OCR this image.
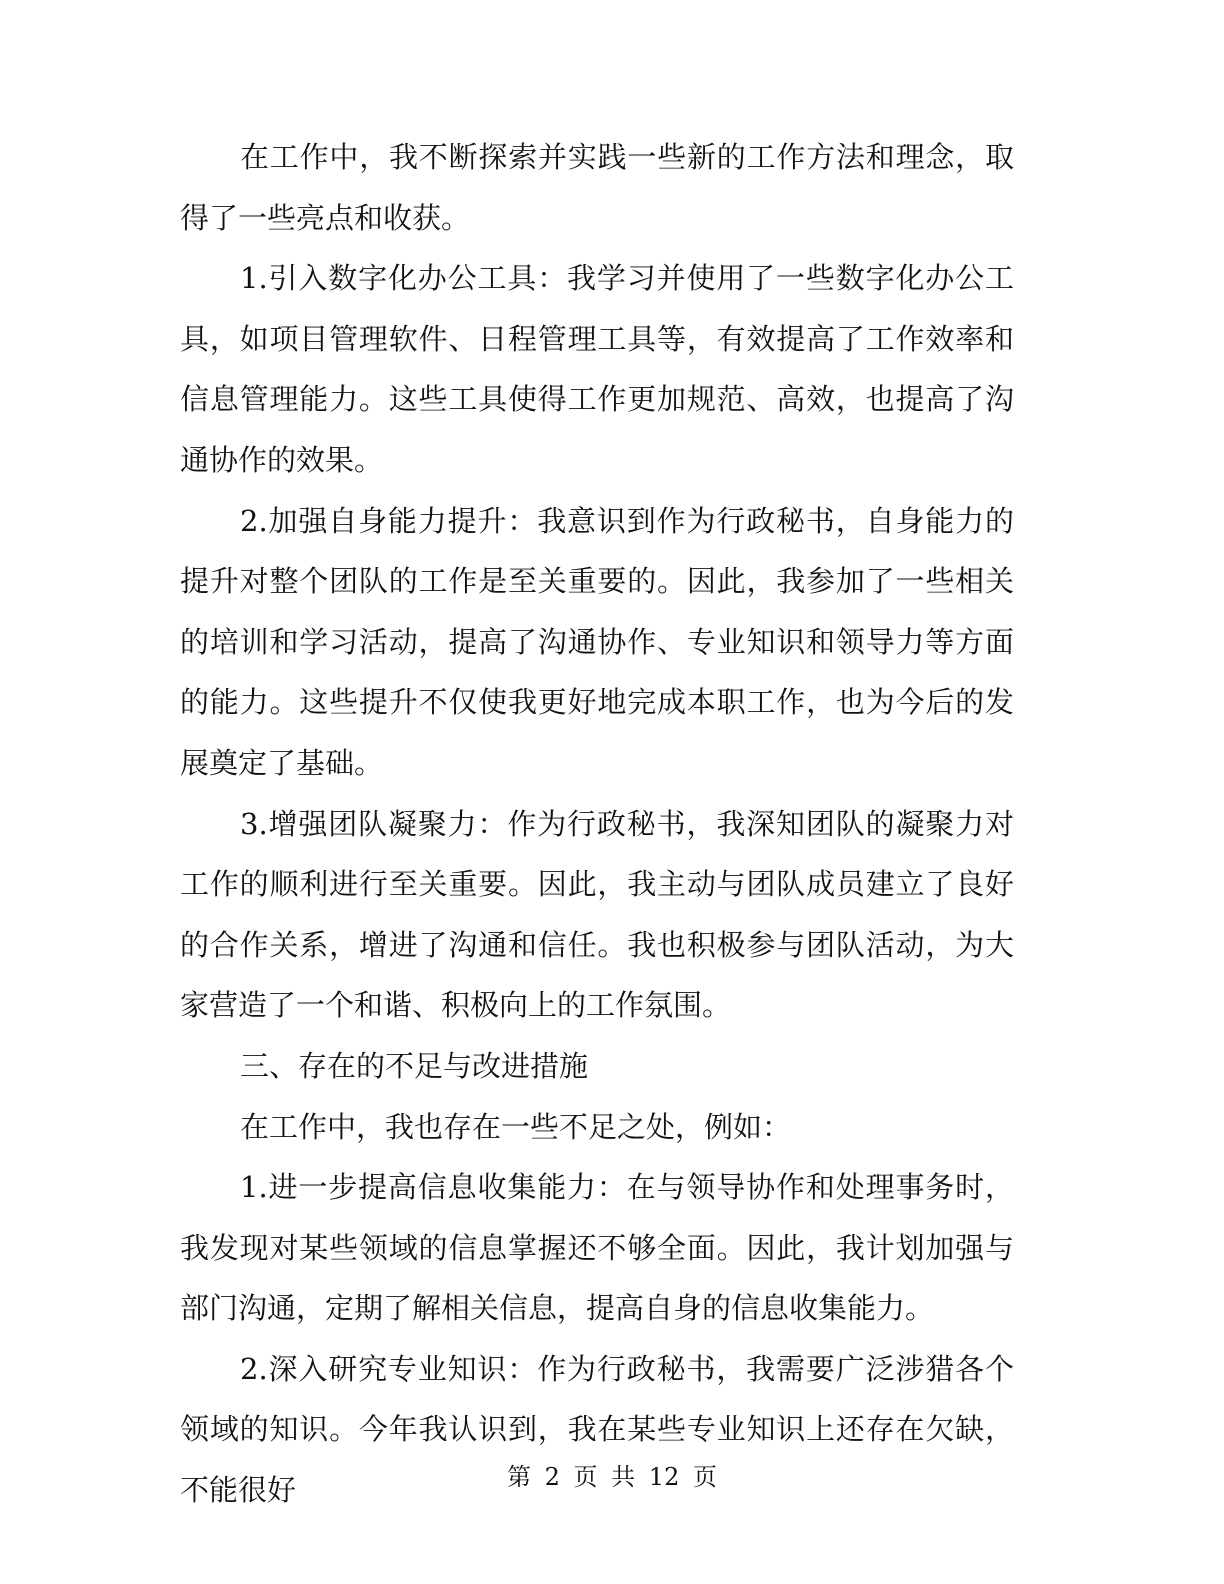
在工作中，我不断探索并实践一些新的工作方法和理念，取得了一些亮点和收获。

1.引入数字化办公工具：我学习并使用了一些数字化办公工具，如项目管理软件、日程管理工具等，有效提高了工作效率和信息管理能力。这些工具使得工作更加规范、高效，也提高了沟通协作的效果。

2.加强自身能力提升：我意识到作为行政秘书，自身能力的提升对整个团队的工作是至关重要的。因此，我参加了一些相关的培训和学习活动，提高了沟通协作、专业知识和领导力等方面的能力。这些提升不仅使我更好地完成本职工作，也为今后的发展奠定了基础。

3.增强团队凝聚力：作为行政秘书，我深知团队的凝聚力对工作的顺利进行至关重要。因此，我主动与团队成员建立了良好的合作关系，增进了沟通和信任。我也积极参与团队活动，为大家营造了一个和谐、积极向上的工作氛围。

三、存在的不足与改进措施

在工作中，我也存在一些不足之处，例如：

1.进一步提高信息收集能力：在与领导协作和处理事务时，我发现对某些领域的信息掌握还不够全面。因此，我计划加强与部门沟通，定期了解相关信息，提高自身的信息收集能力。

2.深入研究专业知识：作为行政秘书，我需要广泛涉猎各个领域的知识。今年我认识到，我在某些专业知识上还存在欠缺，不能很好	第 2 页 共 12 页
